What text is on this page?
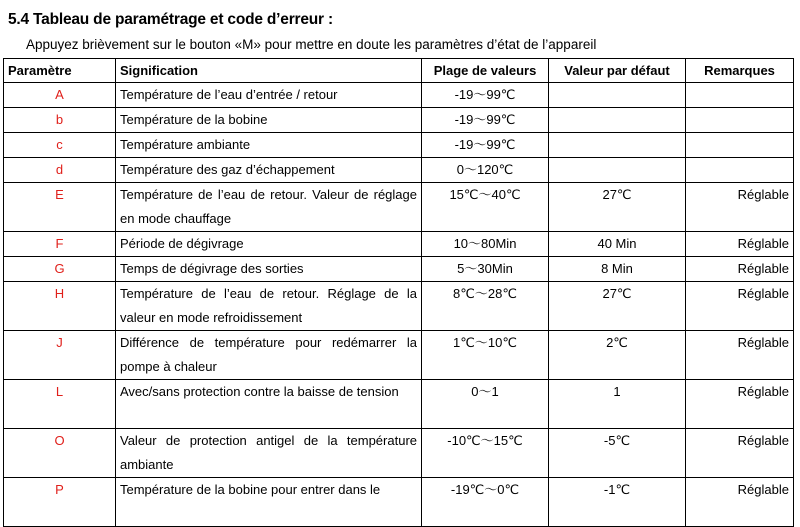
5.4 Tableau de paramétrage et code d’erreur :
Appuyez brièvement sur le bouton «M» pour mettre en doute les paramètres d’état de l’appareil
Paramètre	Signification	Plage de valeurs	Valeur par défaut	Remarques
A	Température de l’eau d’entrée / retour	-19～99℃		
b	Température de la bobine	-19～99℃		
c	Température ambiante	-19～99℃		
d	Température des gaz d’échappement	0～120℃		
E	Température de l’eau de retour. Valeur de réglage en mode chauffage	15℃～40℃	27℃	Réglable
F	Période de dégivrage	10～80Min	40 Min	Réglable
G	Temps de dégivrage des sorties	5～30Min	8 Min	Réglable
H	Température de l’eau de retour. Réglage de la valeur en mode refroidissement	8℃～28℃	27℃	Réglable
J	Différence de température pour redémarrer la pompe à chaleur	1℃～10℃	2℃	Réglable
L	Avec/sans protection contre la baisse de tension	0～1	1	Réglable
O	Valeur de protection antigel de la température ambiante	-10℃～15℃	-5℃	Réglable
P	Température de la bobine pour entrer dans le	-19℃～0℃	-1℃	Réglable
